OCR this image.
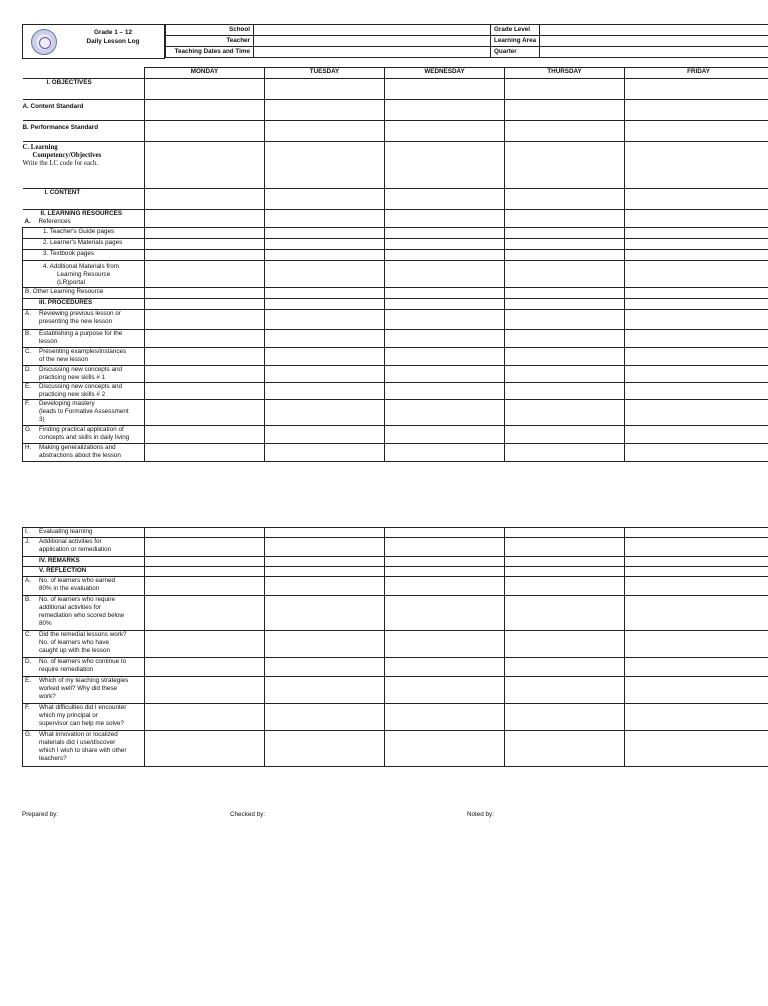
Grade 1 – 12
Daily Lesson Log
School		Grade Level	
Teacher		Learning Area	
Teaching Dates and Time		Quarter	
	MONDAY	TUESDAY	WEDNESDAY	THURSDAY	FRIDAY
I. OBJECTIVES					
A. Content Standard					
B. Performance Standard					

C. Learning
Competency/Objectives
Write the LC code for each.					

I. CONTENT					

II. LEARNING RESOURCES
A. References					

1. Teacher's Guide pages					
2. Learner's Materials pages					
3. Textbook pages					

4. Additional Materials from
Learning Resource
(LR)portal					

B. Other Learning Resource					
III. PROCEDURES					
A. Reviewing previous lesson or
presenting the new lesson					

B. Establishing a purpose for the
lesson					

C. Presenting examples/instances
of the new lesson					

D. Discussing new concepts and
practicing new skills # 1					

E. Discussing new concepts and
practicing new skills # 2					

F. Developing mastery
(leads to Formative Assessment
3)					

G. Finding practical application of
concepts and skills in daily living					

H. Making generalizations and
abstractions about the lesson					

I. Evaluating learning					
J. Additional activities for
application or remediation					

IV. REMARKS					
V. REFLECTION					
A. No. of learners who earned
80% in the evaluation					

B. No. of learners who require
additional activities for
remediation who scored below
80%					

C. Did the remedial lessons work?
No. of learners who have
caught up with the lesson					

D. No. of learners who continue to
require remediation					

E. Which of my teaching strategies
worked well? Why did these
work?					

F. What difficulties did I encounter
which my principal or
supervisor can help me solve?					

G. What innovation or localized
materials did I use/discover
which I wish to share with other
teachers?					

Prepared by:	Checked by:	Noted by:
